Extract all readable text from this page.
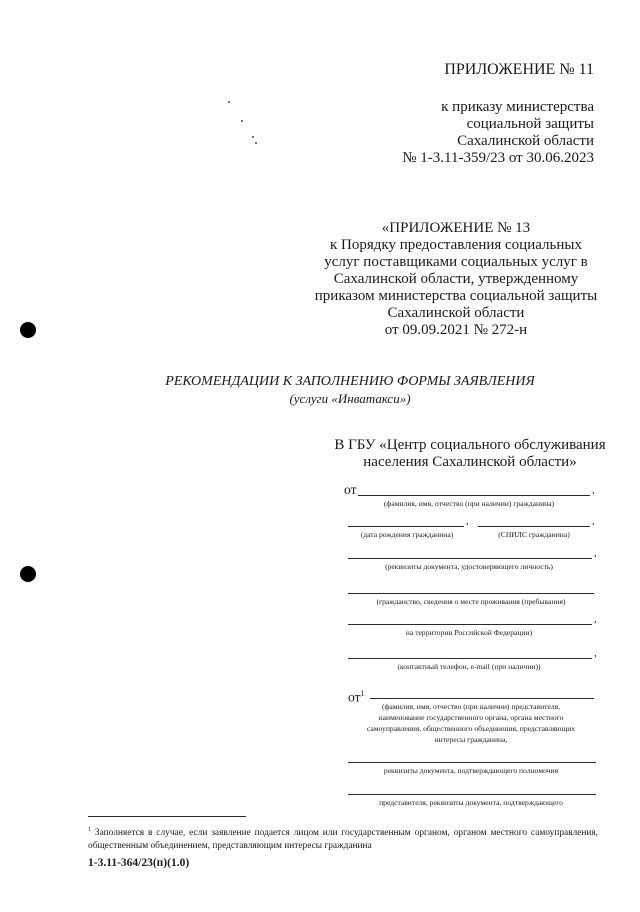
ПРИЛОЖЕНИЕ № 11
к приказу министерства
социальной защиты
Сахалинской области
№ 1-3.11-359/23 от 30.06.2023
«ПРИЛОЖЕНИЕ № 13
к Порядку предоставления социальных
услуг поставщиками социальных услуг в
Сахалинской области, утвержденному
приказом министерства социальной защиты
Сахалинской области
от 09.09.2021 № 272-н
РЕКОМЕНДАЦИИ К ЗАПОЛНЕНИЮ ФОРМЫ ЗАЯВЛЕНИЯ
(услуги «Инватакси»)
В ГБУ «Центр социального обслуживания
населения Сахалинской области»
от	,
(фамилия, имя, отчество (при наличии) гражданина)
,	,
(дата рождения гражданина)	(СНИЛС гражданина)
,
(реквизиты документа, удостоверяющего личность)
(гражданство, сведения о месте проживания (пребывания)
,
на территории Российской Федерации)
,
(контактный телефон, e-mail (при наличии))
$от^1$
(фамилия, имя, отчество (при наличии) представителя,
наименование государственного органа, органа местного
самоуправления, общественного объединения, представляющих
интересы гражданина,
реквизиты документа, подтверждающего полномочия
представителя, реквизиты документа, подтверждающего
$^1$ Заполняется в случае, если заявление подается лицом или государственным органом, органом местного самоуправления, общественным объединением, представляющим интересы гражданина
1-3.11-364/23(п)(1.0)
